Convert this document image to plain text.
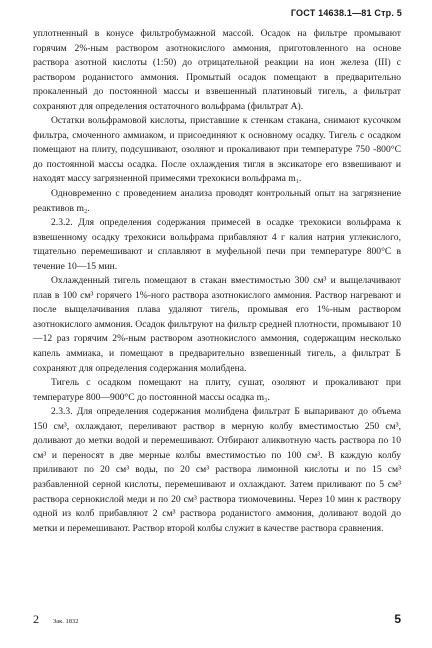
ГОСТ 14638.1—81 Стр. 5

уплотненный в конусе фильтробумажной массой. Осадок на фильтре промывают горячим 2%-ным раствором азотнокислого аммония, приготовленного на основе раствора азотной кислоты (1:50) до отрицательной реакции на ион железа (III) с раствором роданистого аммония. Промытый осадок помещают в предварительно прокаленный до постоянной массы и взвешенный платиновый тигель, а фильтрат сохраняют для определения остаточного вольфрама (фильтрат А).

Остатки вольфрамовой кислоты, приставшие к стенкам стакана, снимают кусочком фильтра, смоченного аммиаком, и присоединяют к основному осадку. Тигель с осадком помещают на плиту, подсушивают, озоляют и прокаливают при температуре 750 -800°С до постоянной массы осадка. После охлаждения тигля в эксикаторе его взвешивают и находят массу загрязненной примесями трехокиси вольфрама m₁.

Одновременно с проведением анализа проводят контрольный опыт на загрязнение реактивов m₂.

2.3.2. Для определения содержания примесей в осадке трехокиси вольфрама к взвешенному осадку трехокиси вольфрама прибавляют 4 г калия натрия углекислого, тщательно перемешивают и сплавляют в муфельной печи при температуре 800°С в течение 10—15 мин.

Охлажденный тигель помещают в стакан вместимостью 300 см³ и выщелачивают плав в 100 см³ горячего 1%-ного раствора азотнокислого аммония. Раствор нагревают и после выщелачивания плава удаляют тигель, промывая его 1%-ным раствором азотнокислого аммония. Осадок фильтруют на фильтр средней плотности, промывают 10—12 раз горячим 2%-ным раствором азотнокислого аммония, содержащим несколько капель аммиака, и помещают в предварительно взвешенный тигель, а фильтрат Б сохраняют для определения содержания молибдена.

Тигель с осадком помещают на плиту, сушат, озоляют и прокаливают при температуре 800—900°С до постоянной массы осадка m₃.

2.3.3. Для определения содержания молибдена фильтрат Б выпаривают до объема 150 см³, охлаждают, переливают раствор в мерную колбу вместимостью 250 см³, доливают до метки водой и перемешивают. Отбирают аликвотную часть раствора по 10 см³ и переносят в две мерные колбы вместимостью по 100 см³. В каждую колбу приливают по 20 см³ воды, по 20 см³ раствора лимонной кислоты и по 15 см³ разбавленной серной кислоты, перемешивают и охлаждают. Затем приливают по 5 см³ раствора сернокислой меди и по 20 см³ раствора тиомочевины. Через 10 мин к раствору одной из колб прибавляют 2 см³ раствора роданистого аммония, доливают водой до метки и перемешивают. Раствор второй колбы служит в качестве раствора сравнения.

2 Зак. 1832	5
